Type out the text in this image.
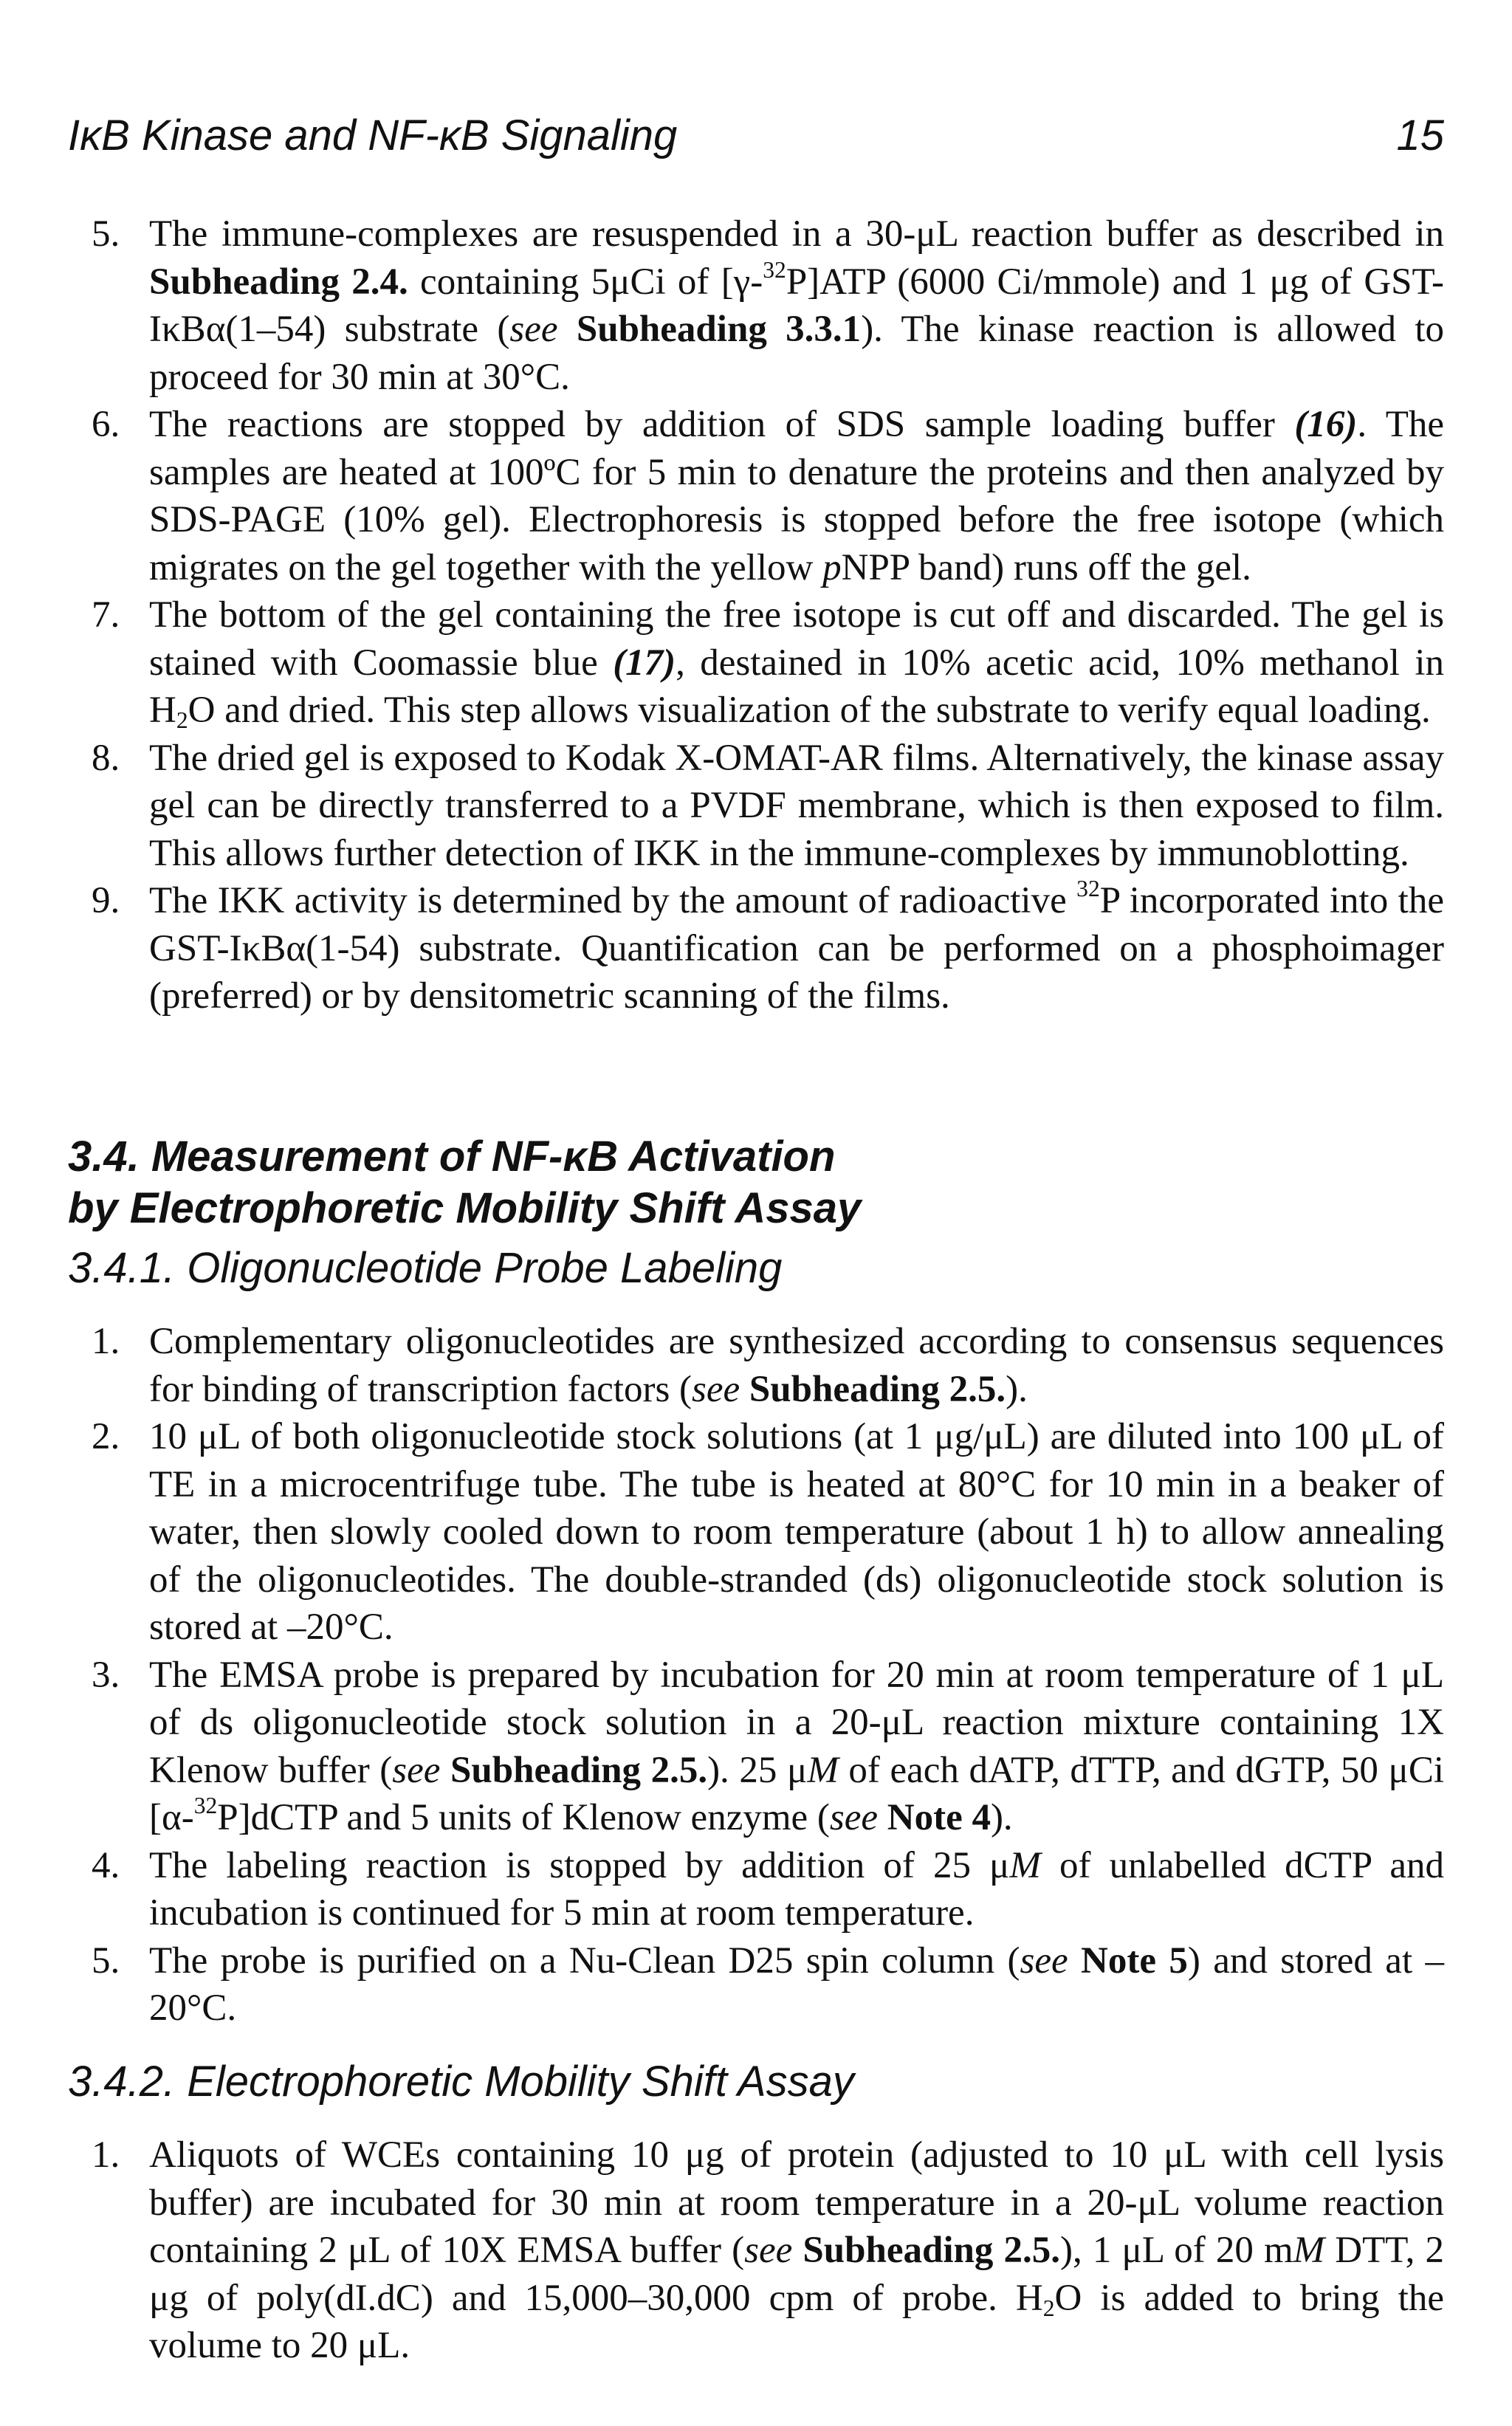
IκB Kinase and NF-κB Signaling	15
5. The immune-complexes are resuspended in a 30-μL reaction buffer as described in Subheading 2.4. containing 5μCi of [γ-$^{32}$P]ATP (6000 Ci/mmole) and 1 μg of GST-IκBα(1–54) substrate (see Subheading 3.3.1). The kinase reaction is allowed to proceed for 30 min at 30°C.
6. The reactions are stopped by addition of SDS sample loading buffer (16). The samples are heated at 100ºC for 5 min to denature the proteins and then analyzed by SDS-PAGE (10% gel). Electrophoresis is stopped before the free isotope (which migrates on the gel together with the yellow pNPP band) runs off the gel.
7. The bottom of the gel containing the free isotope is cut off and discarded. The gel is stained with Coomassie blue (17), destained in 10% acetic acid, 10% methanol in $H_2O$ and dried. This step allows visualization of the substrate to verify equal loading.
8. The dried gel is exposed to Kodak X-OMAT-AR films. Alternatively, the kinase assay gel can be directly transferred to a PVDF membrane, which is then exposed to film. This allows further detection of IKK in the immune-complexes by immunoblotting.
9. The IKK activity is determined by the amount of radioactive $^{32}$P incorporated into the GST-IκBα(1-54) substrate. Quantification can be performed on a phosphoimager (preferred) or by densitometric scanning of the films.
3.4. Measurement of NF-κB Activation
by Electrophoretic Mobility Shift Assay
3.4.1. Oligonucleotide Probe Labeling
1. Complementary oligonucleotides are synthesized according to consensus sequences for binding of transcription factors (see Subheading 2.5.).
2. 10 μL of both oligonucleotide stock solutions (at 1 μg/μL) are diluted into 100 μL of TE in a microcentrifuge tube. The tube is heated at 80°C for 10 min in a beaker of water, then slowly cooled down to room temperature (about 1 h) to allow annealing of the oligonucleotides. The double-stranded (ds) oligonucleotide stock solution is stored at –20°C.
3. The EMSA probe is prepared by incubation for 20 min at room temperature of 1 μL of ds oligonucleotide stock solution in a 20-μL reaction mixture containing 1X Klenow buffer (see Subheading 2.5.). 25 μM of each dATP, dTTP, and dGTP, 50 μCi [α-$^{32}$P]dCTP and 5 units of Klenow enzyme (see Note 4).
4. The labeling reaction is stopped by addition of 25 μM of unlabelled dCTP and incubation is continued for 5 min at room temperature.
5. The probe is purified on a Nu-Clean D25 spin column (see Note 5) and stored at –20°C.
3.4.2. Electrophoretic Mobility Shift Assay
1. Aliquots of WCEs containing 10 μg of protein (adjusted to 10 μL with cell lysis buffer) are incubated for 30 min at room temperature in a 20-μL volume reaction containing 2 μL of 10X EMSA buffer (see Subheading 2.5.), 1 μL of 20 mM DTT, 2 μg of poly(dI.dC) and 15,000–30,000 cpm of probe. $H_2O$ is added to bring the volume to 20 μL.
